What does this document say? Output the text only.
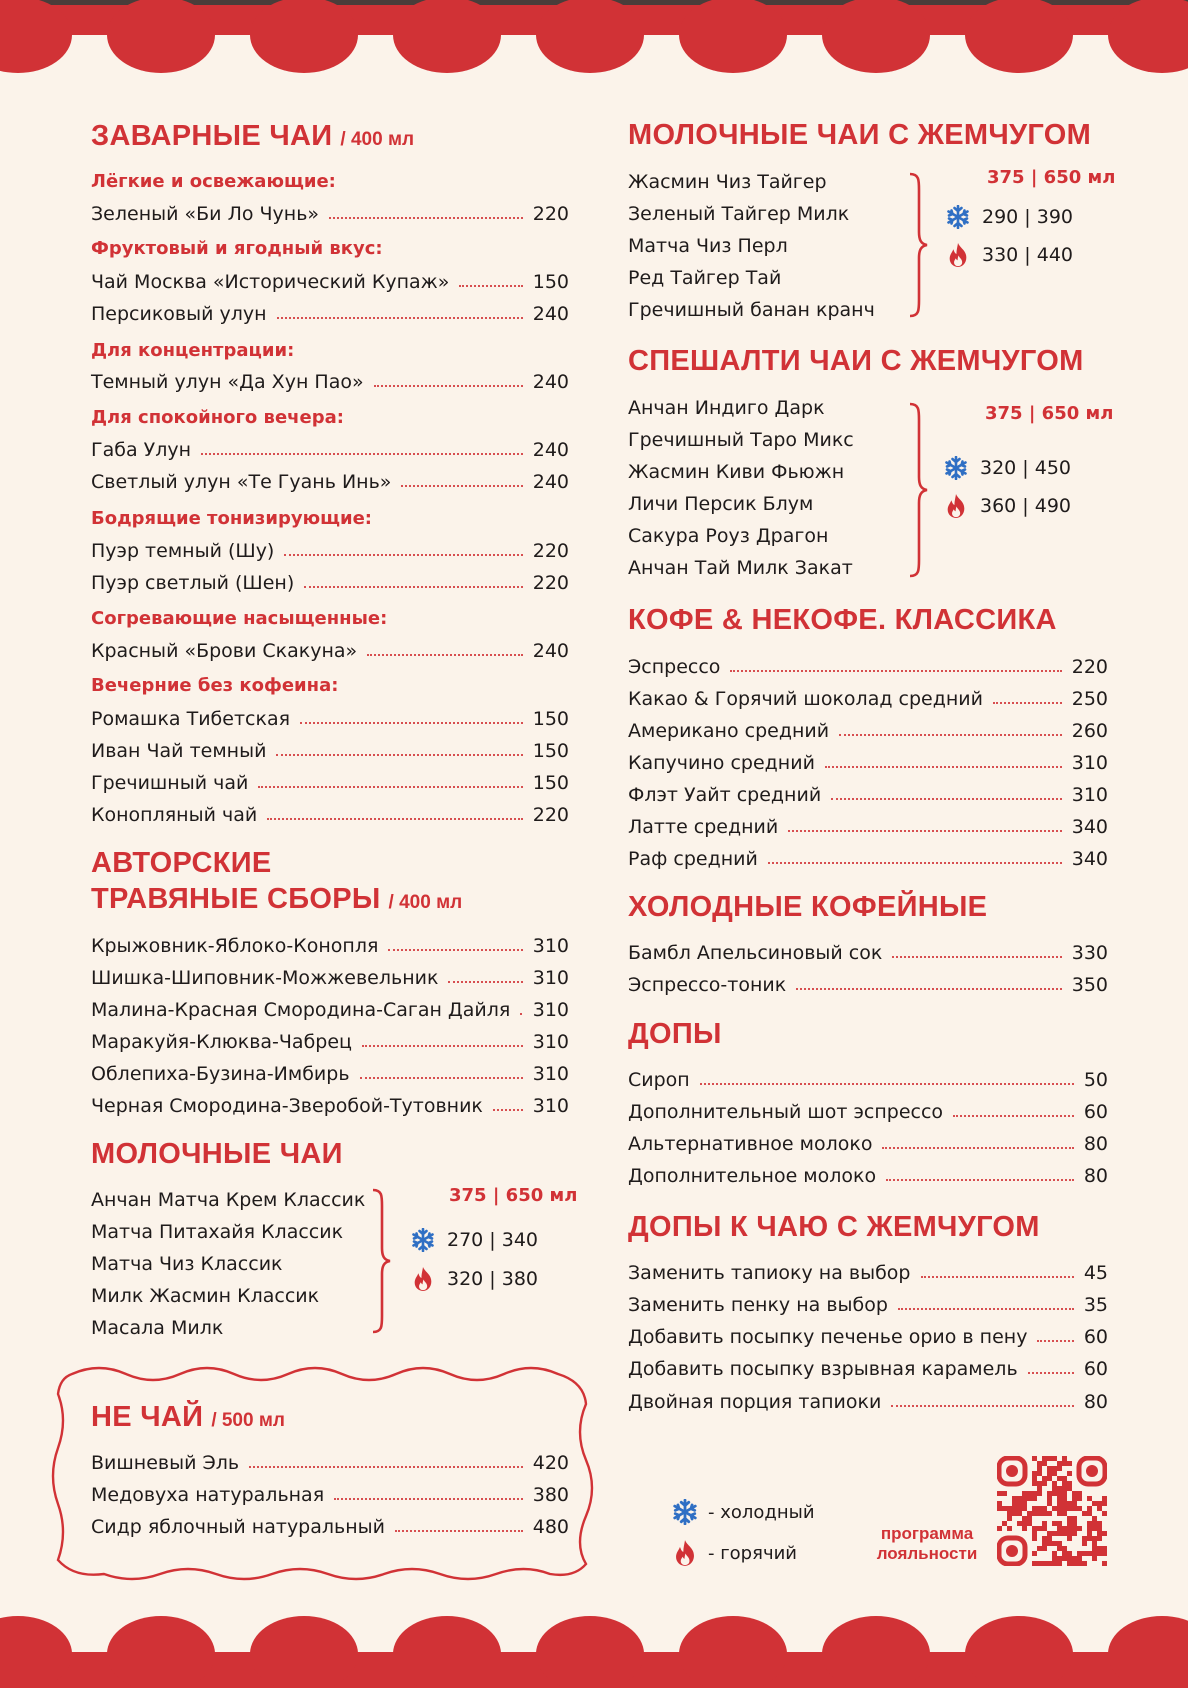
ЗАВАРНЫЕ ЧАИ / 400 мл
Лёгкие и освежающие:
Зеленый «Би Ло Чунь»	220
Фруктовый и ягодный вкус:
Чай Москва «Исторический Купаж»	150
Персиковый улун	240
Для концентрации:
Темный улун «Да Хун Пао»	240
Для спокойного вечера:
Габа Улун	240
Светлый улун «Те Гуань Инь»	240
Бодрящие тонизирующие:
Пуэр темный (Шу)	220
Пуэр светлый (Шен)	220
Согревающие насыщенные:
Красный «Брови Скакуна»	240
Вечерние без кофеина:
Ромашка Тибетская	150
Иван Чай темный	150
Гречишный чай	150
Конопляный чай	220
АВТОРСКИЕ
ТРАВЯНЫЕ СБОРЫ / 400 мл
Крыжовник-Яблоко-Конопля	310
Шишка-Шиповник-Можжевельник	310
Малина-Красная Смородина-Саган Дайля 310
Маракуйя-Клюква-Чабрец	310
Облепиха-Бузина-Имбирь	310
Черная Смородина-Зверобой-Тутовник	310
МОЛОЧНЫЕ ЧАИ
Анчан Матча Крем Классик
Матча Питахайя Классик
Матча Чиз Классик
Милк Жасмин Классик
Масала Милк
375 | 650 мл
270 | 340
320 | 380
НЕ ЧАЙ / 500 мл
Вишневый Эль	420
Медовуха натуральная	380
Сидр яблочный натуральный	480
МОЛОЧНЫЕ ЧАИ С ЖЕМЧУГОМ
Жасмин Чиз Тайгер
Зеленый Тайгер Милк
Матча Чиз Перл
Ред Тайгер Тай
Гречишный банан кранч
375 | 650 мл
290 | 390
330 | 440
СПЕШАЛТИ ЧАИ С ЖЕМЧУГОМ
Анчан Индиго Дарк
Гречишный Таро Микс
Жасмин Киви Фьюжн
Личи Персик Блум
Сакура Роуз Драгон
Анчан Тай Милк Закат
375 | 650 мл
320 | 450
360 | 490
КОФЕ & НЕКОФЕ. КЛАССИКА
Эспрессо	220
Какао & Горячий шоколад средний	250
Американо средний	260
Капучино средний	310
Флэт Уайт средний	310
Латте средний	340
Раф средний	340
ХОЛОДНЫЕ КОФЕЙНЫЕ
Бамбл Апельсиновый сок	330
Эспрессо-тоник	350
ДОПЫ
Сироп	50
Дополнительный шот эспрессо	60
Альтернативное молоко	80
Дополнительное молоко	80
ДОПЫ К ЧАЮ С ЖЕМЧУГОМ
Заменить тапиоку на выбор	45
Заменить пенку на выбор	35
Добавить посыпку печенье орио в пену	60
Добавить посыпку взрывная карамель	60
Двойная порция тапиоки	80
- холодный
- горячий
программа
лояльности
